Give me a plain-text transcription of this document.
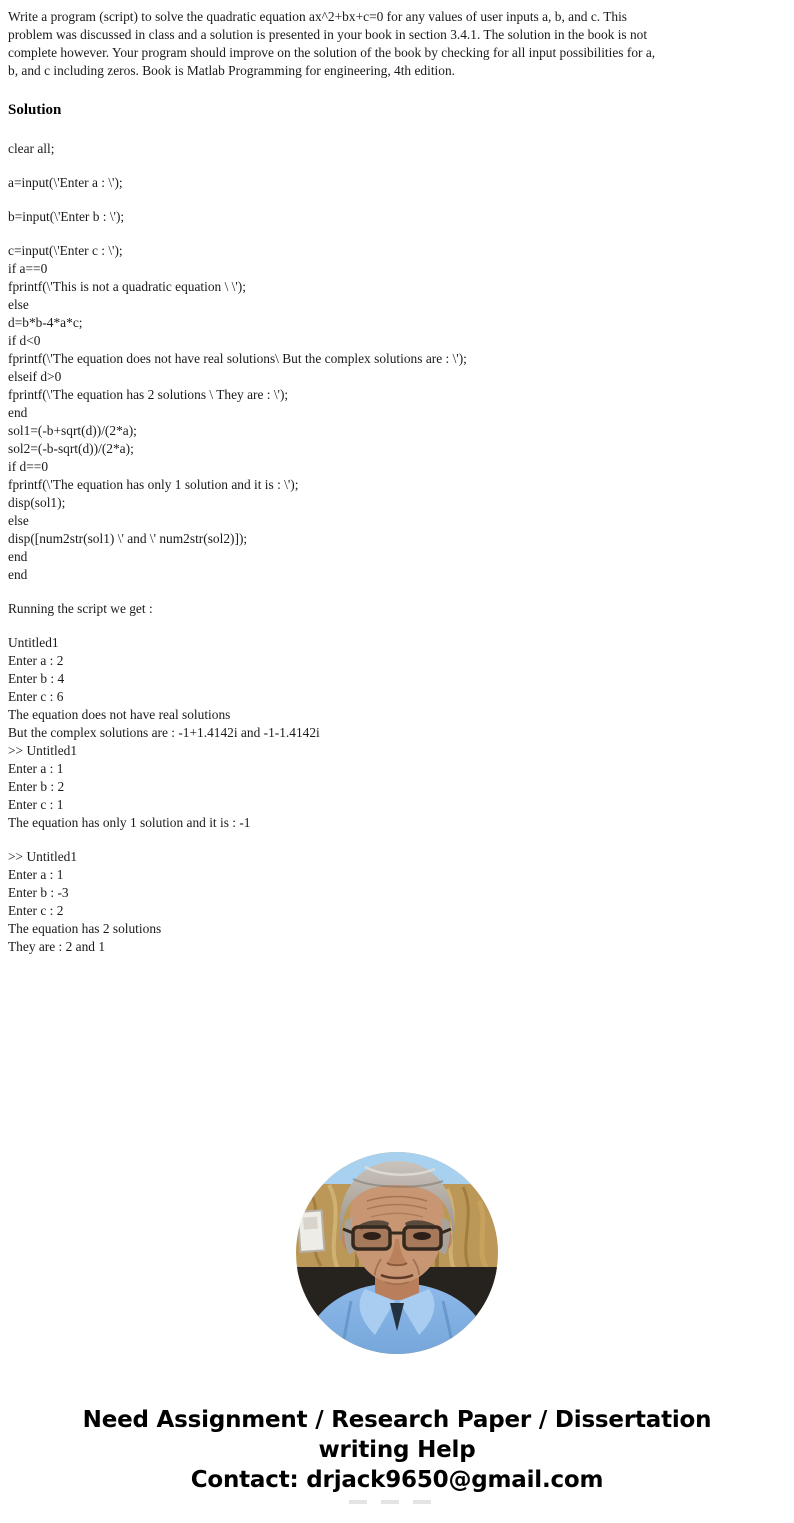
Write a program (script) to solve the quadratic equation ax^2+bx+c=0 for any values of user inputs a, b, and c. This
problem was discussed in class and a solution is presented in your book in section 3.4.1. The solution in the book is not
complete however. Your program should improve on the solution of the book by checking for all input possibilities for a,
b, and c including zeros. Book is Matlab Programming for engineering, 4th edition.

Solution

clear all;

a=input(\'Enter a : \');

b=input(\'Enter b : \');

c=input(\'Enter c : \');
if a==0
fprintf(\'This is not a quadratic equation \ \');
else
d=b*b-4*a*c;
if d<0
fprintf(\'The equation does not have real solutions\ But the complex solutions are : \');
elseif d>0
fprintf(\'The equation has 2 solutions \ They are : \');
end
sol1=(-b+sqrt(d))/(2*a);
sol2=(-b-sqrt(d))/(2*a);
if d==0
fprintf(\'The equation has only 1 solution and it is : \');
disp(sol1);
else
disp([num2str(sol1) \' and \' num2str(sol2)]);
end
end

Running the script we get :

Untitled1
Enter a : 2
Enter b : 4
Enter c : 6
The equation does not have real solutions
But the complex solutions are : -1+1.4142i and -1-1.4142i
>> Untitled1
Enter a : 1
Enter b : 2
Enter c : 1
The equation has only 1 solution and it is : -1

>> Untitled1
Enter a : 1
Enter b : -3
Enter c : 2
The equation has 2 solutions
They are : 2 and 1

Need Assignment / Research Paper / Dissertation
writing Help
Contact: drjack9650@gmail.com
